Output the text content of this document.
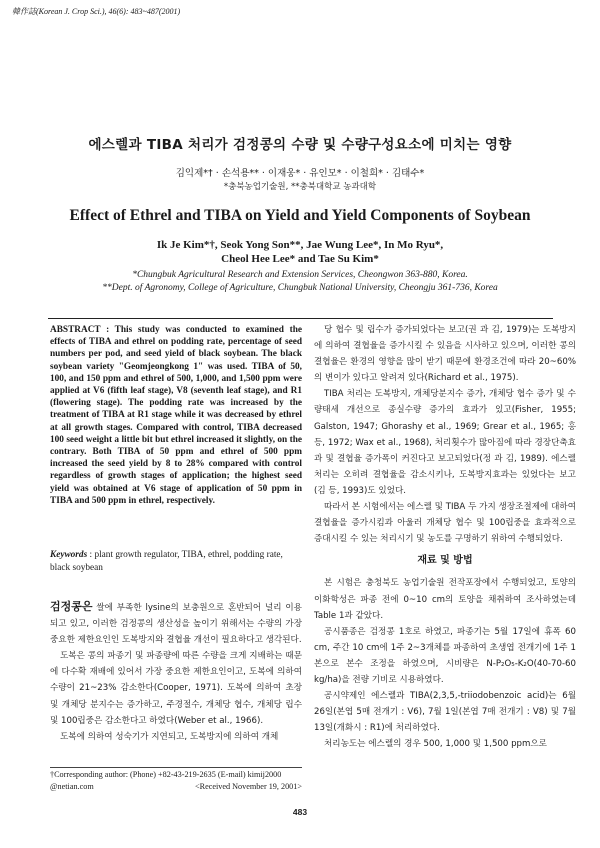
韓作誌(Korean J. Crop Sci.), 46(6): 483~487(2001)
에스렐과 TIBA 처리가 검정콩의 수량 및 수량구성요소에 미치는 영향
김익제*† · 손석용** · 이재웅* · 유인모* · 이철희* · 김태수*
*충북농업기술원, **충북대학교 농과대학
Effect of Ethrel and TIBA on Yield and Yield Components of Soybean
Ik Je Kim*†, Seok Yong Son**, Jae Wung Lee*, In Mo Ryu*,
Cheol Hee Lee* and Tae Su Kim*
*Chungbuk Agricultural Research and Extension Services, Cheongwon 363-880, Korea.
**Dept. of Agronomy, College of Agriculture, Chungbuk National University, Cheongju 361-736, Korea
ABSTRACT : This study was conducted to examined the effects of TIBA and ethrel on podding rate, percentage of seed numbers per pod, and seed yield of black soybean. The black soybean variety "Geomjeongkong 1" was used. TIBA of 50, 100, and 150 ppm and ethrel of 500, 1,000, and 1,500 ppm were applied at V6 (fifth leaf stage), V8 (seventh leaf stage), and R1 (flowering stage). The podding rate was increased by the treatment of TIBA at R1 stage while it was decreased by ethrel at all growth stages. Compared with control, TIBA decreased 100 seed weight a little bit but ethrel increased it slightly, on the contrary. Both TIBA of 50 ppm and ethrel of 500 ppm increased the seed yield by 8 to 28% compared with control regardless of growth stages of application; the highest seed yield was obtained at V6 stage of application of 50 ppm in TIBA and 500 ppm in ethrel, respectively.
Keywords : plant growth regulator, TIBA, ethrel, podding rate, black soybean

검정콩은 쌀에 부족한 lysine의 보충원으로 혼반되어 널리 이용되고 있고, 이러한 검정콩의 생산성을 높이기 위해서는 수량의 가장 중요한 제한요인인 도복방지와 결협율 개선이 필요하다고 생각된다.

도복은 콩의 파종기 및 파종량에 따른 수량을 크게 지배하는 때문에 다수확 재배에 있어서 가장 중요한 제한요인이고, 도복에 의하여 수량이 21~23% 감소한다(Cooper, 1971). 도복에 의하여 초장 및 개체당 분지수는 증가하고, 주경절수, 개체당 협수, 개체당 립수 및 100립중은 감소한다고 하였다(Weber et al., 1966).

도복에 의하여 성숙기가 지연되고, 도복방지에 의하여 개체

†Corresponding author: (Phone) +82-43-219-2635 (E-mail) kimij2000
@netian.com	<Received November 19, 2001>

당 협수 및 립수가 증가되었다는 보고(권 과 김, 1979)는 도복방지에 의하여 결협율을 증가시킬 수 있음을 시사하고 있으며, 이러한 콩의 결협율은 환경의 영향을 많이 받기 때문에 환경조건에 따라 20~60%의 변이가 있다고 알려져 있다(Richard et al., 1975).

TIBA 처리는 도복방지, 개체당분지수 증가, 개체당 협수 증가 및 수량태세 개선으로 종실수량 증가의 효과가 있고(Fisher, 1955; Galston, 1947; Ghorashy et al., 1969; Grear et al., 1965; 홍 등, 1972; Wax et al., 1968), 처리횟수가 많아짐에 따라 경장단축효과 및 결협율 증가폭이 커진다고 보고되었다(정 과 김, 1989). 에스렐 처리는 오히려 결협율을 감소시키나, 도복방지효과는 있었다는 보고(김 등, 1993)도 있었다.

따라서 본 시험에서는 에스렐 및 TIBA 두 가지 생장조절제에 대하여 결협율을 증가시킴과 아울러 개체당 협수 및 100립중을 효과적으로 증대시킬 수 있는 처리시기 및 농도를 구명하기 위하여 수행되었다.

재료 및 방법

본 시험은 충청북도 농업기술원 전작포장에서 수행되었고, 토양의 이화학성은 파종 전에 0~10 cm의 토양을 채취하여 조사하였는데 Table 1과 같았다.

공시품종은 검정콩 1호로 하였고, 파종기는 5월 17일에 휴폭 60 cm, 주간 10 cm에 1주 2~3개체를 파종하여 초생엽 전개기에 1주 1본으로 본수 조정을 하였으며, 시비량은 N-P₂O₅-K₂O(40-70-60 kg/ha)을 전량 기비로 시용하였다.

공시약제인 에스렐과 TIBA(2,3,5,-triiodobenzoic acid)는 6월 26일(본엽 5매 전개기 : V6), 7월 1일(본엽 7매 전개기 : V8) 및 7월 13일(개화시 : R1)에 처리하였다.

처리농도는 에스렐의 경우 500, 1,000 및 1,500 ppm으로

483
